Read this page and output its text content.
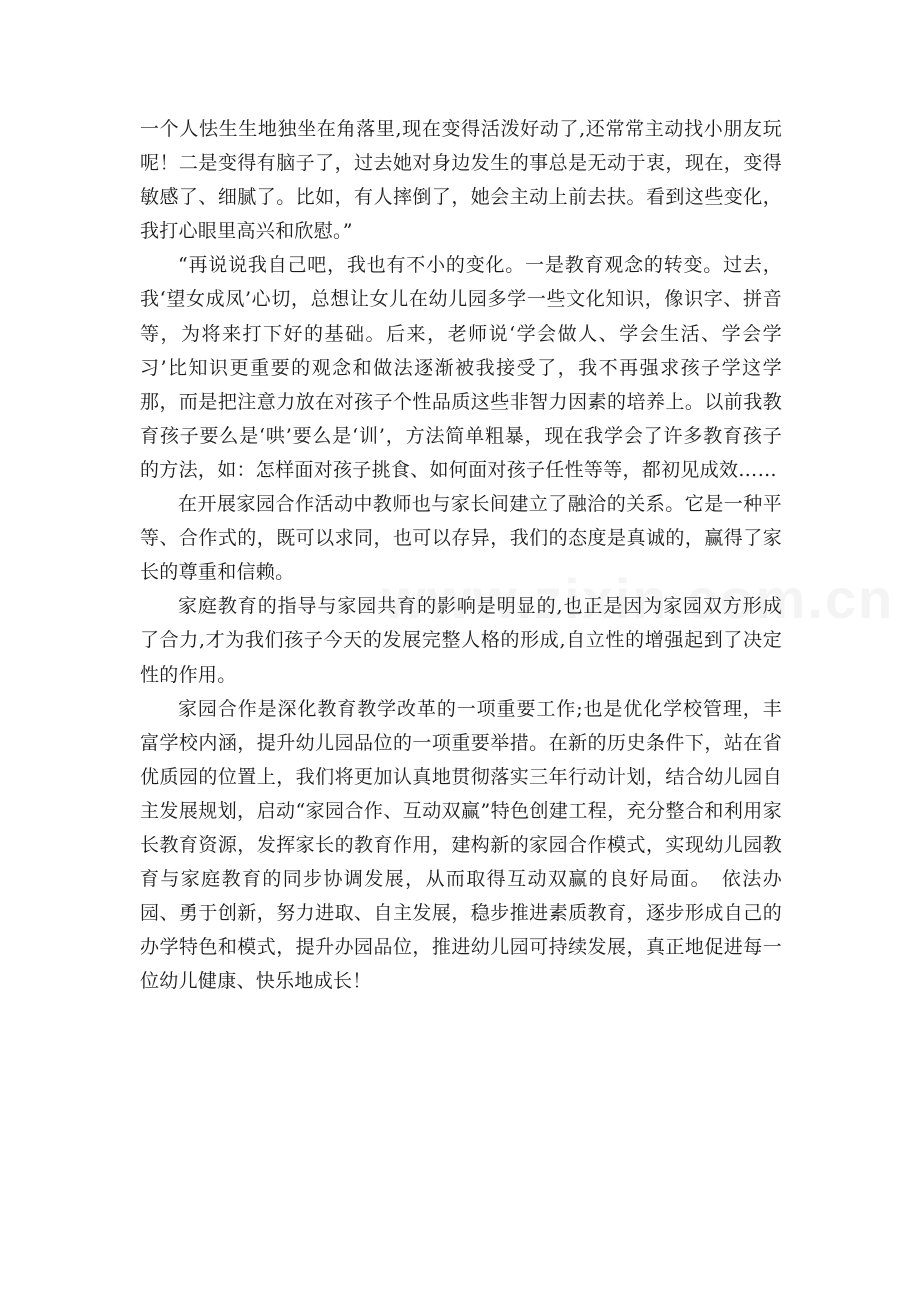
一个人怯生生地独坐在角落里,现在变得活泼好动了,还常常主动找小朋友玩呢！二是变得有脑子了，过去她对身边发生的事总是无动于衷，现在，变得敏感了、细腻了。比如，有人摔倒了，她会主动上前去扶。看到这些变化，我打心眼里高兴和欣慰。”

“再说说我自己吧，我也有不小的变化。一是教育观念的转变。过去，我‘望女成凤’心切，总想让女儿在幼儿园多学一些文化知识，像识字、拼音等，为将来打下好的基础。后来，老师说‘学会做人、学会生活、学会学习’比知识更重要的观念和做法逐渐被我接受了，我不再强求孩子学这学那，而是把注意力放在对孩子个性品质这些非智力因素的培养上。以前我教育孩子要么是‘哄’要么是‘训’，方法简单粗暴，现在我学会了许多教育孩子的方法，如：怎样面对孩子挑食、如何面对孩子任性等等，都初见成效……

在开展家园合作活动中教师也与家长间建立了融洽的关系。它是一种平等、合作式的，既可以求同，也可以存异，我们的态度是真诚的，赢得了家长的尊重和信赖。

家庭教育的指导与家园共育的影响是明显的,也正是因为家园双方形成了合力,才为我们孩子今天的发展完整人格的形成,自立性的增强起到了决定性的作用。

家园合作是深化教育教学改革的一项重要工作;也是优化学校管理，丰富学校内涵，提升幼儿园品位的一项重要举措。在新的历史条件下，站在省优质园的位置上，我们将更加认真地贯彻落实三年行动计划，结合幼儿园自主发展规划，启动“家园合作、互动双赢”特色创建工程，充分整合和利用家长教育资源，发挥家长的教育作用，建构新的家园合作模式，实现幼儿园教育与家庭教育的同步协调发展，从而取得互动双赢的良好局面。　依法办园、勇于创新，努力进取、自主发展，稳步推进素质教育，逐步形成自己的办学特色和模式，提升办园品位，推进幼儿园可持续发展，真正地促进每一位幼儿健康、快乐地成长！
